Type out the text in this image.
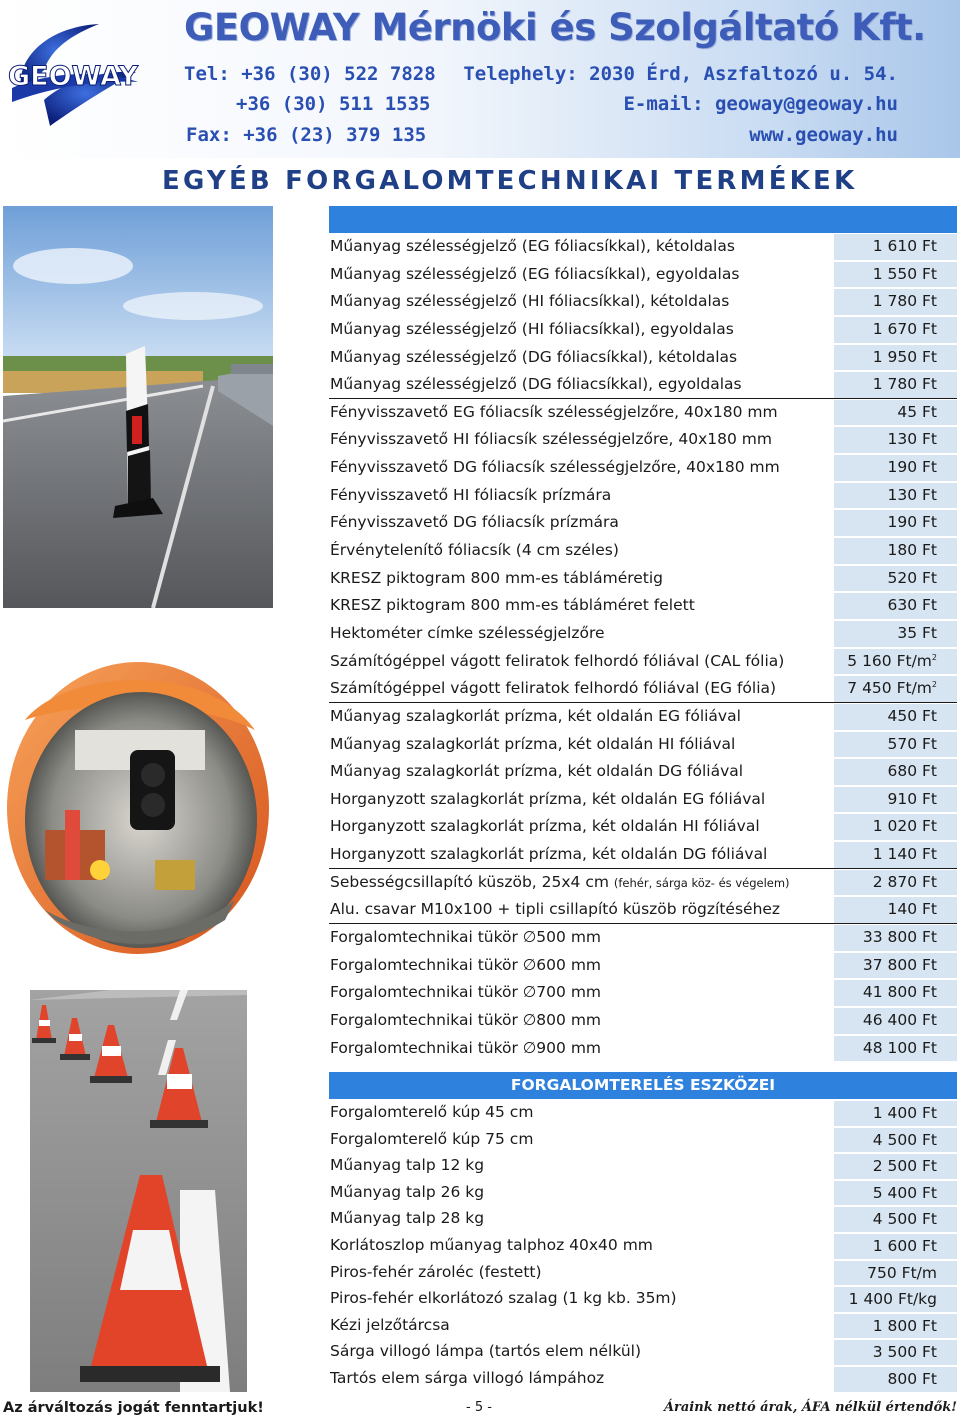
GEOWAY
GEOWAY Mérnöki és Szolgáltató Kft.
Tel: +36 (30) 522 7828
+36 (30) 511 1535
Fax: +36 (23) 379 135
Telephely: 2030 Érd, Aszfaltozó u. 54.
E-mail: geoway@geoway.hu
www.geoway.hu
EGYÉB FORGALOMTECHNIKAI TERMÉKEK
Műanyag szélességjelző (EG fóliacsíkkal), kétoldalas	1 610 Ft
Műanyag szélességjelző (EG fóliacsíkkal), egyoldalas	1 550 Ft
Műanyag szélességjelző (HI fóliacsíkkal), kétoldalas	1 780 Ft
Műanyag szélességjelző (HI fóliacsíkkal), egyoldalas	1 670 Ft
Műanyag szélességjelző (DG fóliacsíkkal), kétoldalas	1 950 Ft
Műanyag szélességjelző (DG fóliacsíkkal), egyoldalas	1 780 Ft
Fényvisszavető EG fóliacsík szélességjelzőre, 40x180 mm	45 Ft
Fényvisszavető HI fóliacsík szélességjelzőre, 40x180 mm	130 Ft
Fényvisszavető DG fóliacsík szélességjelzőre, 40x180 mm	190 Ft
Fényvisszavető HI fóliacsík prízmára	130 Ft
Fényvisszavető DG fóliacsík prízmára	190 Ft
Érvénytelenítő fóliacsík (4 cm széles)	180 Ft
KRESZ piktogram 800 mm-es tábláméretig	520 Ft
KRESZ piktogram 800 mm-es tábláméret felett	630 Ft
Hektométer címke szélességjelzőre	35 Ft
Számítógéppel vágott feliratok felhordó fóliával (CAL fólia)	5 160 $Ft/m^2$
Számítógéppel vágott feliratok felhordó fóliával (EG fólia)	7 450 $Ft/m^2$
Műanyag szalagkorlát prízma, két oldalán EG fóliával	450 Ft
Műanyag szalagkorlát prízma, két oldalán HI fóliával	570 Ft
Műanyag szalagkorlát prízma, két oldalán DG fóliával	680 Ft
Horganyzott szalagkorlát prízma, két oldalán EG fóliával	910 Ft
Horganyzott szalagkorlát prízma, két oldalán HI fóliával	1 020 Ft
Horganyzott szalagkorlát prízma, két oldalán DG fóliával	1 140 Ft
Sebességcsillapító küszöb, 25x4 cm (fehér, sárga köz- és végelem)	2 870 Ft
Alu. csavar M10x100 + tipli csillapító küszöb rögzítéséhez	140 Ft
Forgalomtechnikai tükör ∅500 mm	33 800 Ft
Forgalomtechnikai tükör ∅600 mm	37 800 Ft
Forgalomtechnikai tükör ∅700 mm	41 800 Ft
Forgalomtechnikai tükör ∅800 mm	46 400 Ft
Forgalomtechnikai tükör ∅900 mm	48 100 Ft
FORGALOMTERELÉS ESZKÖZEI
Forgalomterelő kúp 45 cm	1 400 Ft
Forgalomterelő kúp 75 cm	4 500 Ft
Műanyag talp 12 kg	2 500 Ft
Műanyag talp 26 kg	5 400 Ft
Műanyag talp 28 kg	4 500 Ft
Korlátoszlop műanyag talphoz 40x40 mm	1 600 Ft
Piros-fehér zároléc (festett)	750 Ft/m
Piros-fehér elkorlátozó szalag (1 kg kb. 35m)	1 400 Ft/kg
Kézi jelzőtárcsa	1 800 Ft
Sárga villogó lámpa (tartós elem nélkül)	3 500 Ft
Tartós elem sárga villogó lámpához	800 Ft
Az árváltozás jogát fenntartjuk!	- 5 -	Áraink nettó árak, ÁFA nélkül értendők!
